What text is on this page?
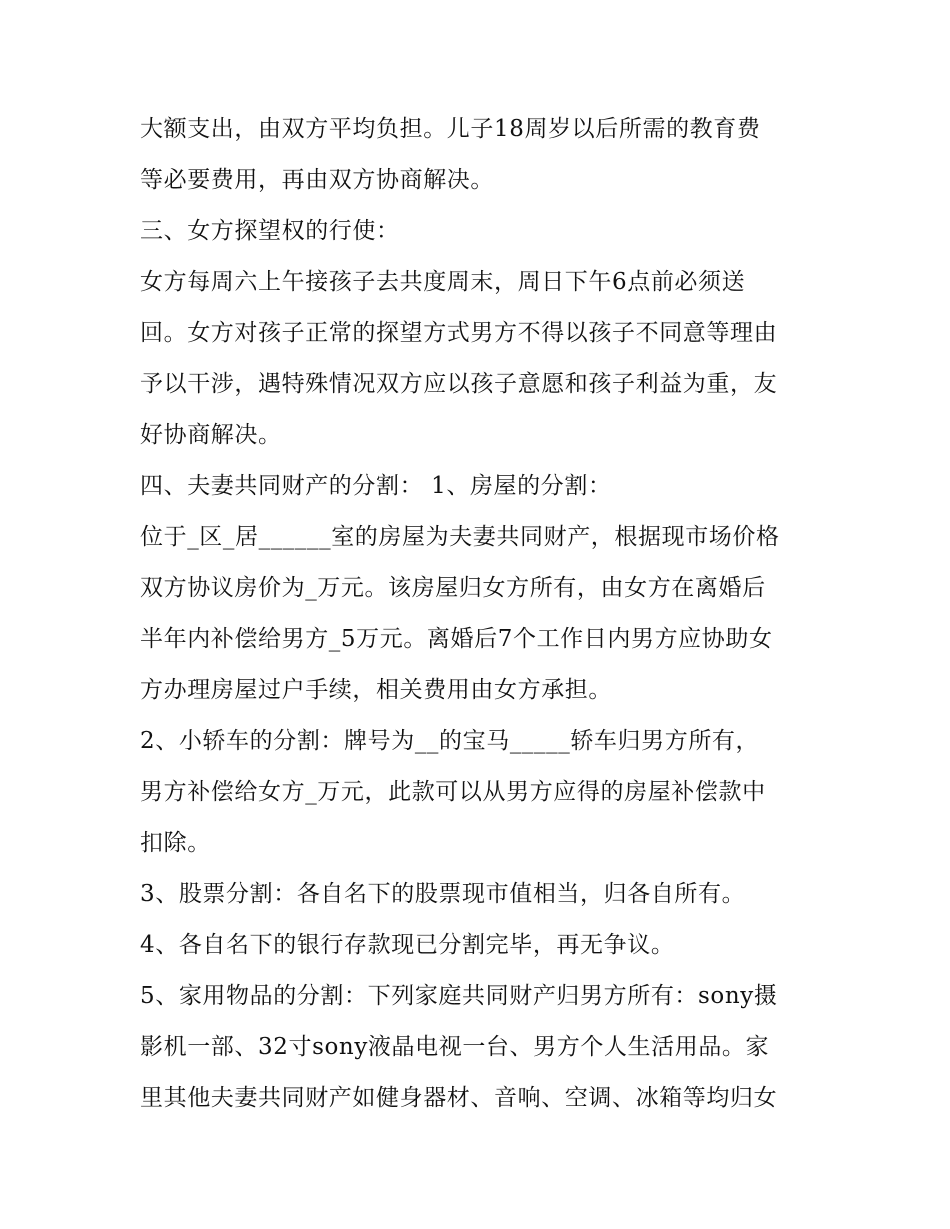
大额支出，由双方平均负担。儿子18周岁以后所需的教育费
等必要费用，再由双方协商解决。
三、女方探望权的行使：
女方每周六上午接孩子去共度周末，周日下午6点前必须送
回。女方对孩子正常的探望方式男方不得以孩子不同意等理由
予以干涉，遇特殊情况双方应以孩子意愿和孩子利益为重，友
好协商解决。
四、夫妻共同财产的分割： 1、房屋的分割：
位于_区_居______室的房屋为夫妻共同财产，根据现市场价格
双方协议房价为_万元。该房屋归女方所有，由女方在离婚后
半年内补偿给男方_5万元。离婚后7个工作日内男方应协助女
方办理房屋过户手续，相关费用由女方承担。
2、小轿车的分割：牌号为__的宝马_____轿车归男方所有，
男方补偿给女方_万元，此款可以从男方应得的房屋补偿款中
扣除。
3、股票分割：各自名下的股票现市值相当，归各自所有。
4、各自名下的银行存款现已分割完毕，再无争议。
5、家用物品的分割：下列家庭共同财产归男方所有：sony摄
影机一部、32寸sony液晶电视一台、男方个人生活用品。家
里其他夫妻共同财产如健身器材、音响、空调、冰箱等均归女
